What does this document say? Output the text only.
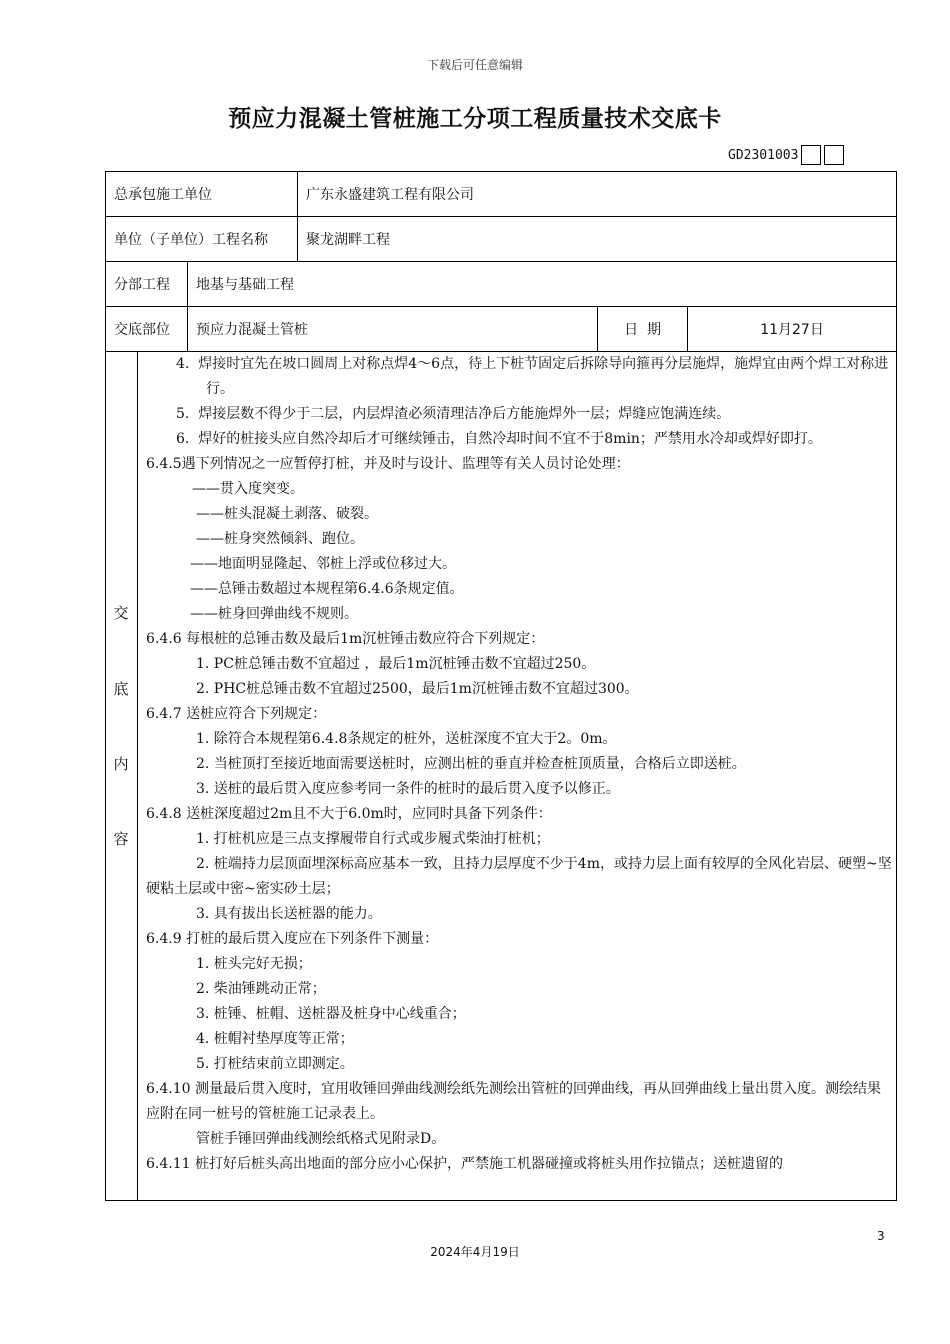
下载后可任意编辑
预应力混凝土管桩施工分项工程质量技术交底卡
GD2301003
总承包施工单位			广东永盛建筑工程有限公司		
单位（子单位）工程名称			聚龙湖畔工程		
分部工程		地基与基础工程			
交底部位		预应力混凝土管桩		日  期	11月27日

交
底
内
容
4.  焊接时宜先在坡口圆周上对称点焊4～6点，待上下桩节固定后拆除导向箍再分层施焊，施焊宜由两个焊工对称进行。
5.  焊接层数不得少于二层，内层焊渣必须清理洁净后方能施焊外一层；焊缝应饱满连续。
6.  焊好的桩接头应自然冷却后才可继续锤击，自然冷却时间不宜不于8min；严禁用水冷却或焊好即打。
6.4.5遇下列情况之一应暂停打桩，并及时与设计、监理等有关人员讨论处理：
——贯入度突变。
——桩头混凝土剥落、破裂。
——桩身突然倾斜、跑位。
——地面明显隆起、邻桩上浮或位移过大。
——总锤击数超过本规程第6.4.6条规定值。
——桩身回弹曲线不规则。
6.4.6 每根桩的总锤击数及最后1m沉桩锤击数应符合下列规定：
1. PC桩总锤击数不宜超过 ，最后1m沉桩锤击数不宜超过250。
2. PHC桩总锤击数不宜超过2500，最后1m沉桩锤击数不宜超过300。
6.4.7 送桩应符合下列规定：
1. 除符合本规程第6.4.8条规定的桩外，送桩深度不宜大于2。0m。
2. 当桩顶打至接近地面需要送桩时，应测出桩的垂直并检查桩顶质量，合格后立即送桩。
3. 送桩的最后贯入度应参考同一条件的桩时的最后贯入度予以修正。
6.4.8 送桩深度超过2m且不大于6.0m时，应同时具备下列条件：
1. 打桩机应是三点支撑履带自行式或步履式柴油打桩机；
2. 桩端持力层顶面埋深标高应基本一致，且持力层厚度不少于4m，或持力层上面有较厚的全风化岩层、硬塑~坚硬粘土层或中密~密实砂土层；
3. 具有拔出长送桩器的能力。
6.4.9 打桩的最后贯入度应在下列条件下测量：
1. 桩头完好无损；
2. 柴油锤跳动正常；
3. 桩锤、桩帽、送桩器及桩身中心线重合；
4. 桩帽衬垫厚度等正常；
5. 打桩结束前立即测定。
6.4.10 测量最后贯入度时，宜用收锤回弹曲线测绘纸先测绘出管桩的回弹曲线，再从回弹曲线上量出贯入度。测绘结果应附在同一桩号的管桩施工记录表上。
管桩手锤回弹曲线测绘纸格式见附录D。
6.4.11 桩打好后桩头高出地面的部分应小心保护，严禁施工机器碰撞或将桩头用作拉锚点；送桩遗留的
3
2024年4月19日
